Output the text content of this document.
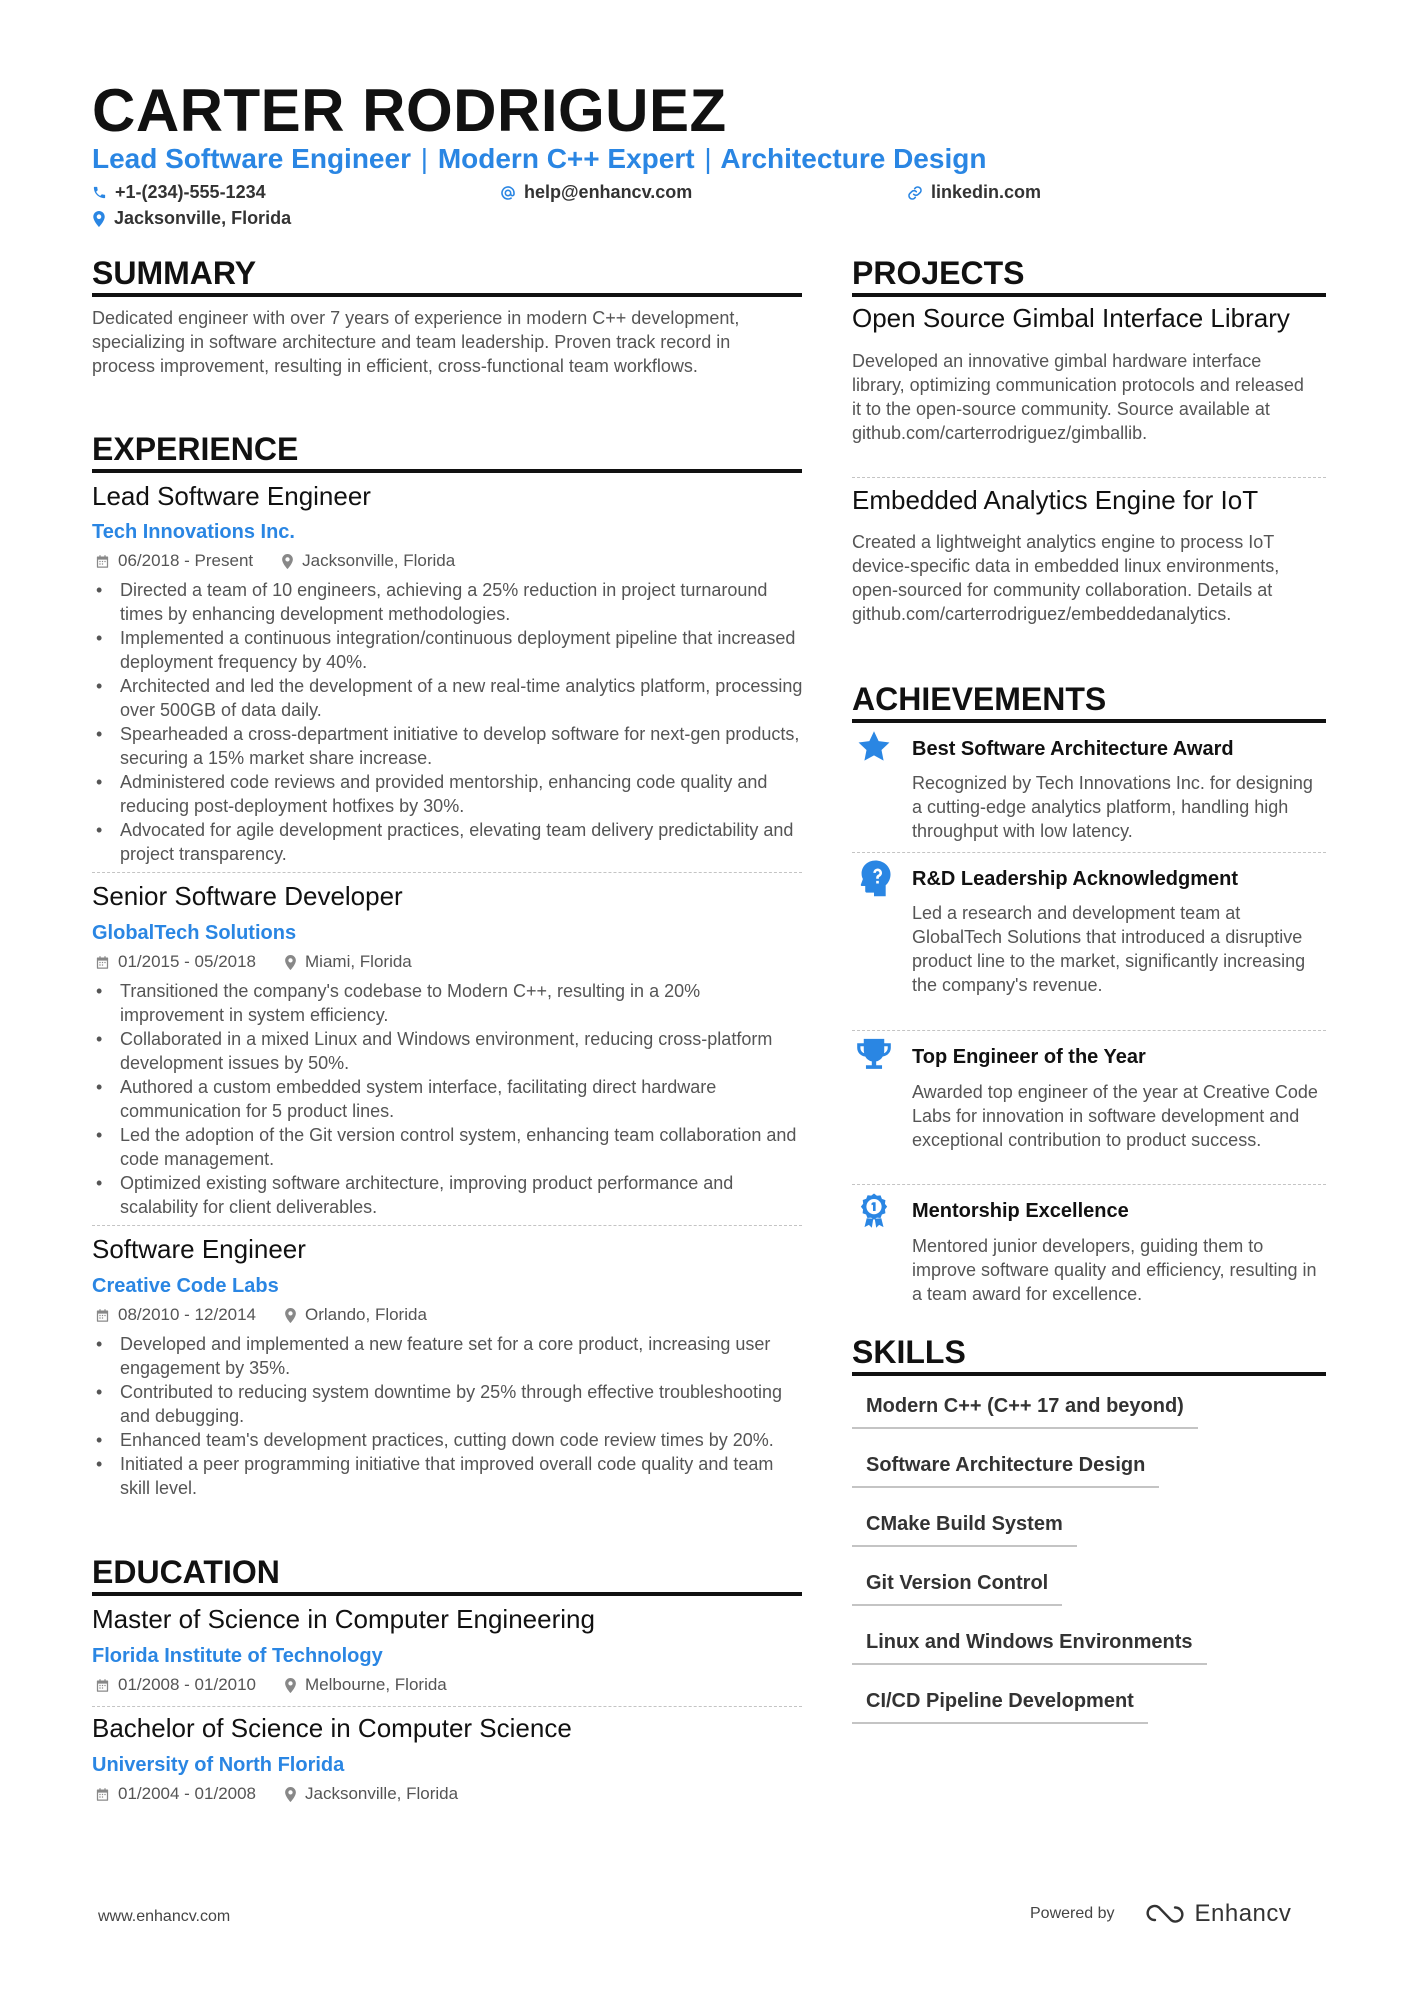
CARTER RODRIGUEZ
Lead Software Engineer | Modern C++ Expert | Architecture Design
+1-(234)-555-1234	help@enhancv.com	linkedin.com
Jacksonville, Florida
SUMMARY
Dedicated engineer with over 7 years of experience in modern C++ development, specializing in software architecture and team leadership. Proven track record in process improvement, resulting in efficient, cross-functional team workflows.
EXPERIENCE
Lead Software Engineer
Tech Innovations Inc.
06/2018 - Present	Jacksonville, Florida
• Directed a team of 10 engineers, achieving a 25% reduction in project turnaround times by enhancing development methodologies.
• Implemented a continuous integration/continuous deployment pipeline that increased deployment frequency by 40%.
• Architected and led the development of a new real-time analytics platform, processing over 500GB of data daily.
• Spearheaded a cross-department initiative to develop software for next-gen products, securing a 15% market share increase.
• Administered code reviews and provided mentorship, enhancing code quality and reducing post-deployment hotfixes by 30%.
• Advocated for agile development practices, elevating team delivery predictability and project transparency.
Senior Software Developer
GlobalTech Solutions
01/2015 - 05/2018	Miami, Florida
• Transitioned the company's codebase to Modern C++, resulting in a 20% improvement in system efficiency.
• Collaborated in a mixed Linux and Windows environment, reducing cross-platform development issues by 50%.
• Authored a custom embedded system interface, facilitating direct hardware communication for 5 product lines.
• Led the adoption of the Git version control system, enhancing team collaboration and code management.
• Optimized existing software architecture, improving product performance and scalability for client deliverables.
Software Engineer
Creative Code Labs
08/2010 - 12/2014	Orlando, Florida
• Developed and implemented a new feature set for a core product, increasing user engagement by 35%.
• Contributed to reducing system downtime by 25% through effective troubleshooting and debugging.
• Enhanced team's development practices, cutting down code review times by 20%.
• Initiated a peer programming initiative that improved overall code quality and team skill level.
EDUCATION
Master of Science in Computer Engineering
Florida Institute of Technology
01/2008 - 01/2010	Melbourne, Florida
Bachelor of Science in Computer Science
University of North Florida
01/2004 - 01/2008	Jacksonville, Florida
PROJECTS
Open Source Gimbal Interface Library
Developed an innovative gimbal hardware interface library, optimizing communication protocols and released it to the open-source community. Source available at github.com/carterrodriguez/gimballib.
Embedded Analytics Engine for IoT
Created a lightweight analytics engine to process IoT device-specific data in embedded linux environments, open-sourced for community collaboration. Details at github.com/carterrodriguez/embeddedanalytics.
ACHIEVEMENTS
Best Software Architecture Award
Recognized by Tech Innovations Inc. for designing a cutting-edge analytics platform, handling high throughput with low latency.
R&D Leadership Acknowledgment
Led a research and development team at GlobalTech Solutions that introduced a disruptive product line to the market, significantly increasing the company's revenue.
Top Engineer of the Year
Awarded top engineer of the year at Creative Code Labs for innovation in software development and exceptional contribution to product success.
Mentorship Excellence
Mentored junior developers, guiding them to improve software quality and efficiency, resulting in a team award for excellence.
SKILLS
Modern C++ (C++ 17 and beyond)
Software Architecture Design
CMake Build System
Git Version Control
Linux and Windows Environments
CI/CD Pipeline Development
www.enhancv.com	Powered by	Enhancv
